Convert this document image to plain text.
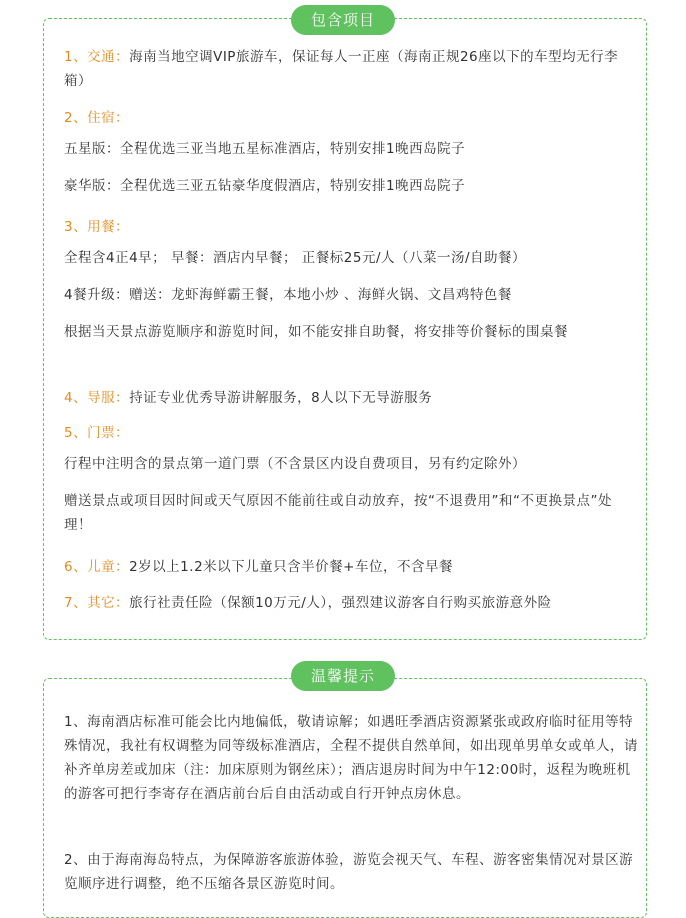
包含项目
1、交通：海南当地空调VIP旅游车，保证每人一正座（海南正规26座以下的车型均无行李箱）
2、住宿：
五星版：全程优选三亚当地五星标准酒店，特别安排1晚西岛院子
豪华版：全程优选三亚五钻豪华度假酒店，特别安排1晚西岛院子
3、用餐：
全程含4正4早； 早餐：酒店内早餐； 正餐标25元/人（八菜一汤/自助餐）
4餐升级：赠送：龙虾海鲜霸王餐，本地小炒 、海鲜火锅、文昌鸡特色餐
根据当天景点游览顺序和游览时间，如不能安排自助餐，将安排等价餐标的围桌餐
4、导服：持证专业优秀导游讲解服务，8人以下无导游服务
5、门票：
行程中注明含的景点第一道门票（不含景区内设自费项目，另有约定除外）
赠送景点或项目因时间或天气原因不能前往或自动放弃，按“不退费用”和“不更换景点”处理！
6、儿童：2岁以上1.2米以下儿童只含半价餐+车位，不含早餐
7、其它：旅行社责任险（保额10万元/人），强烈建议游客自行购买旅游意外险
温馨提示
1、海南酒店标准可能会比内地偏低，敬请谅解；如遇旺季酒店资源紧张或政府临时征用等特殊情况，我社有权调整为同等级标准酒店，全程不提供自然单间，如出现单男单女或单人，请补齐单房差或加床（注：加床原则为钢丝床）；酒店退房时间为中午12:00时，返程为晚班机的游客可把行李寄存在酒店前台后自由活动或自行开钟点房休息。
2、由于海南海岛特点，为保障游客旅游体验，游览会视天气、车程、游客密集情况对景区游览顺序进行调整，绝不压缩各景区游览时间。
